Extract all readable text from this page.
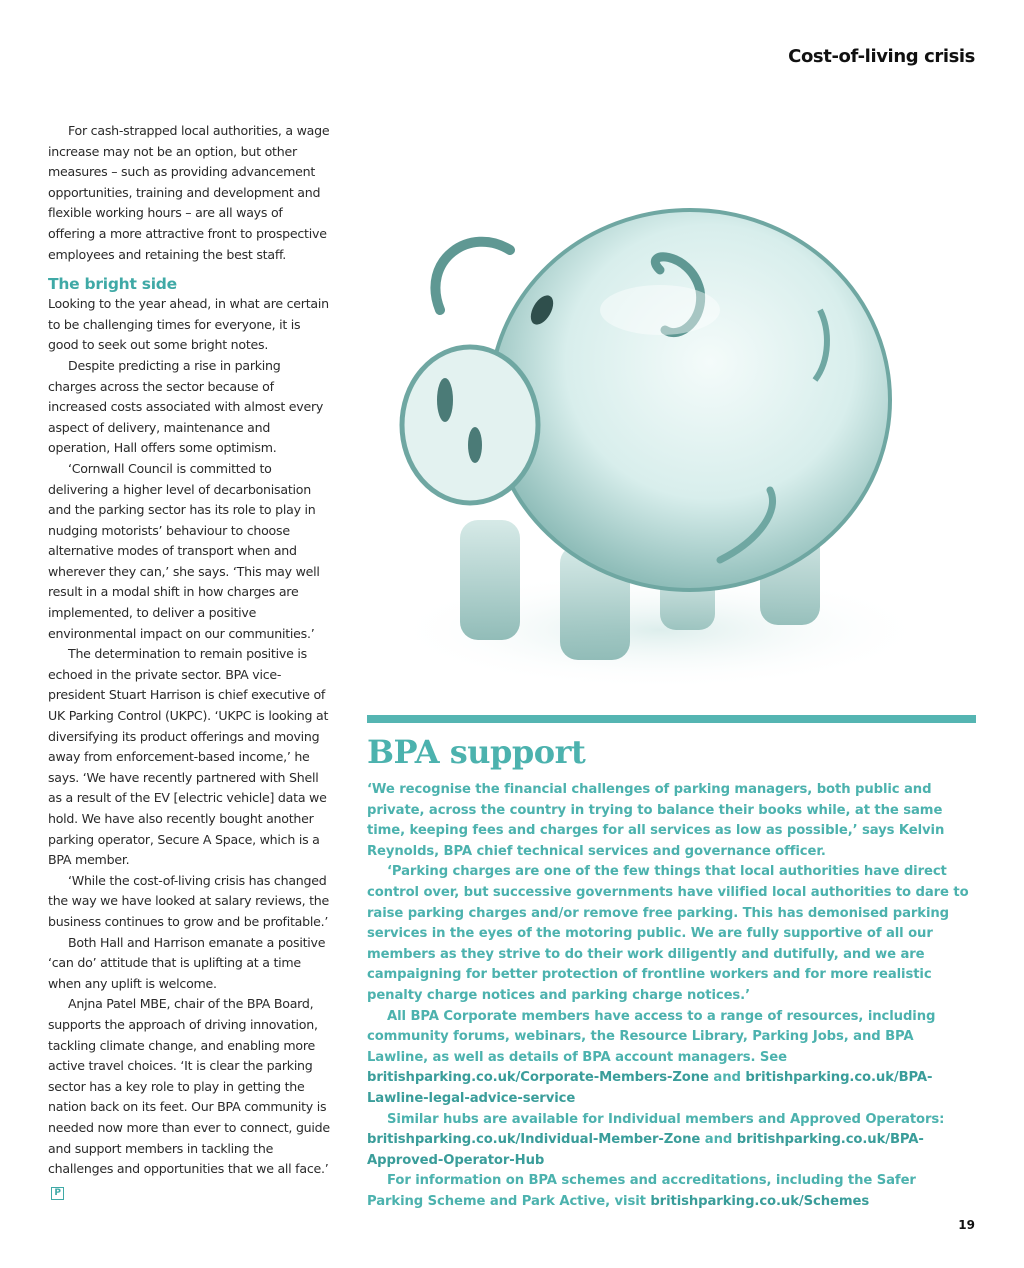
Cost-of-living crisis

For cash-strapped local authorities, a wage increase may not be an option, but other measures – such as providing advancement opportunities, training and development and flexible working hours – are all ways of offering a more attractive front to prospective employees and retaining the best staff.

The bright side

Looking to the year ahead, in what are certain to be challenging times for everyone, it is good to seek out some bright notes.

Despite predicting a rise in parking charges across the sector because of increased costs associated with almost every aspect of delivery, maintenance and operation, Hall offers some optimism.

‘Cornwall Council is committed to delivering a higher level of decarbonisation and the parking sector has its role to play in nudging motorists’ behaviour to choose alternative modes of transport when and wherever they can,’ she says. ‘This may well result in a modal shift in how charges are implemented, to deliver a positive environmental impact on our communities.’

The determination to remain positive is echoed in the private sector. BPA vice-president Stuart Harrison is chief executive of UK Parking Control (UKPC). ‘UKPC is looking at diversifying its product offerings and moving away from enforcement-based income,’ he says. ‘We have recently partnered with Shell as a result of the EV [electric vehicle] data we hold. We have also recently bought another parking operator, Secure A Space, which is a BPA member.

‘While the cost-of-living crisis has changed the way we have looked at salary reviews, the business continues to grow and be profitable.’

Both Hall and Harrison emanate a positive ‘can do’ attitude that is uplifting at a time when any uplift is welcome.

Anjna Patel MBE, chair of the BPA Board, supports the approach of driving innovation, tackling climate change, and enabling more active travel choices. ‘It is clear the parking sector has a key role to play in getting the nation back on its feet. Our BPA community is needed now more than ever to connect, guide and support members in tackling the challenges and opportunities that we all face.’P

BPA support

‘We recognise the financial challenges of parking managers, both public and private, across the country in trying to balance their books while, at the same time, keeping fees and charges for all services as low as possible,’ says Kelvin Reynolds, BPA chief technical services and governance officer.

‘Parking charges are one of the few things that local authorities have direct control over, but successive governments have vilified local authorities to dare to raise parking charges and/or remove free parking. This has demonised parking services in the eyes of the motoring public. We are fully supportive of all our members as they strive to do their work diligently and dutifully, and we are campaigning for better protection of frontline workers and for more realistic penalty charge notices and parking charge notices.’

All BPA Corporate members have access to a range of resources, including community forums, webinars, the Resource Library, Parking Jobs, and BPA Lawline, as well as details of BPA account managers. See britishparking.co.uk/Corporate-Members-Zone and britishparking.co.uk/BPA-Lawline-legal-advice-service

Similar hubs are available for Individual members and Approved Operators: britishparking.co.uk/Individual-Member-Zone and britishparking.co.uk/BPA-Approved-Operator-Hub

For information on BPA schemes and accreditations, including the Safer Parking Scheme and Park Active, visit britishparking.co.uk/Schemes

19
